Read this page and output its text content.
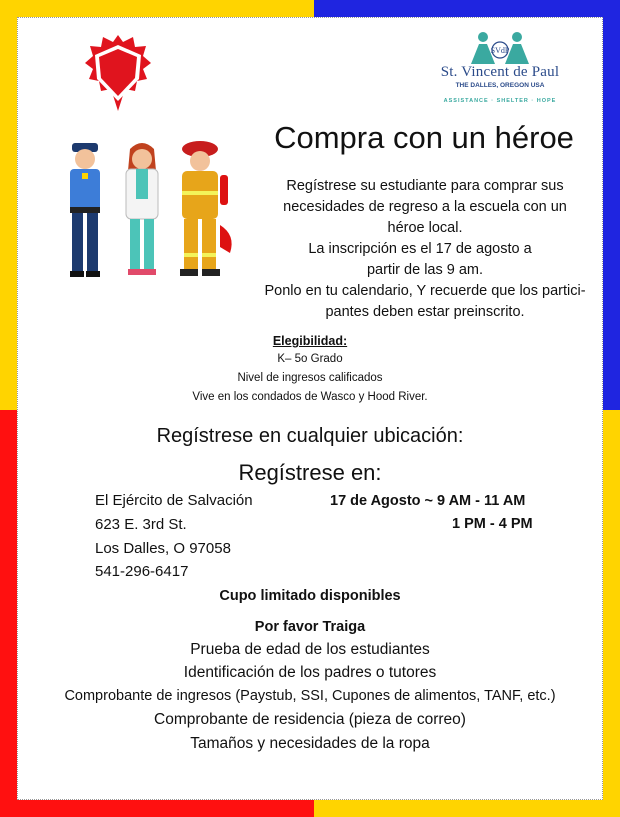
SVdP
St. Vincent de Paul
THE DALLES, OREGON USA
ASSISTANCE · SHELTER · HOPE
Compra con un héroe
Regístrese su estudiante para comprar sus
necesidades de regreso a la escuela con un
héroe local.
La inscripción es el 17 de agosto a
partir de las 9 am.
Ponlo en tu calendario, Y recuerde que los partici-
pantes deben estar preinscrito.
Elegibilidad:
K– 5o Grado
Nivel de ingresos calificados
Vive en los condados de Wasco y Hood River.
Regístrese en cualquier ubicación:
Regístrese en:
El Ejército de Salvación
623 E. 3rd St.
Los Dalles, O 97058
541-296-6417
17 de Agosto ~ 9 AM - 11 AM
1 PM - 4 PM
Cupo limitado disponibles
Por favor Traiga
Prueba de edad de los estudiantes
Identificación de los padres o tutores
Comprobante de ingresos (Paystub, SSI, Cupones de alimentos, TANF, etc.)
Comprobante de residencia (pieza de correo)
Tamaños y necesidades de la ropa
